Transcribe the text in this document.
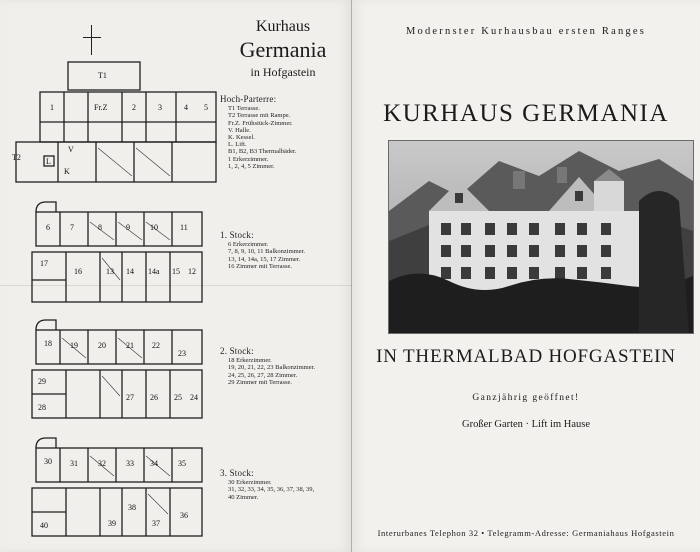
Kurhaus
Germania
in Hofgastein
T1
Fr.Z	2	3	4 5
1
V
T2
K
L
Hoch-Parterre:
T1 Terrasse.
T2 Terrasse mit Rampe.
Fr.Z. Frühstück-Zimmer.
V. Halle.
K. Kessel.
L. Lift.
B1, B2, B3 Thermalbäder.
1 Erkerzimmer.
1, 2, 4, 5 Zimmer.
6	7	8	9	10	11
17
13 14 14a 15 12
16
1. Stock:
6 Erkerzimmer.
7, 8, 9, 10, 11 Balkonzimmer.
13, 14, 14a, 15, 17 Zimmer.
16 Zimmer mit Terrasse.
18 19	20	21 22
23
29
28
27 26 25 24
2. Stock:
18 Erkerzimmer.
19, 20, 21, 22, 23 Balkonzimmer.
24, 25, 26, 27, 28 Zimmer.
29 Zimmer mit Terrasse.
30 31	32	33 34	35
40	39
38
37
36
3. Stock:
30 Erkerzimmer.
31, 32, 33, 34, 35, 36, 37, 38, 39,
40 Zimmer.
Modernster Kurhausbau ersten Ranges
KURHAUS GERMANIA
IN THERMALBAD HOFGASTEIN
Ganzjährig geöffnet!
Großer Garten · Lift im Hause
Interurbanes Telephon 32 • Telegramm-Adresse: Germaniahaus Hofgastein
